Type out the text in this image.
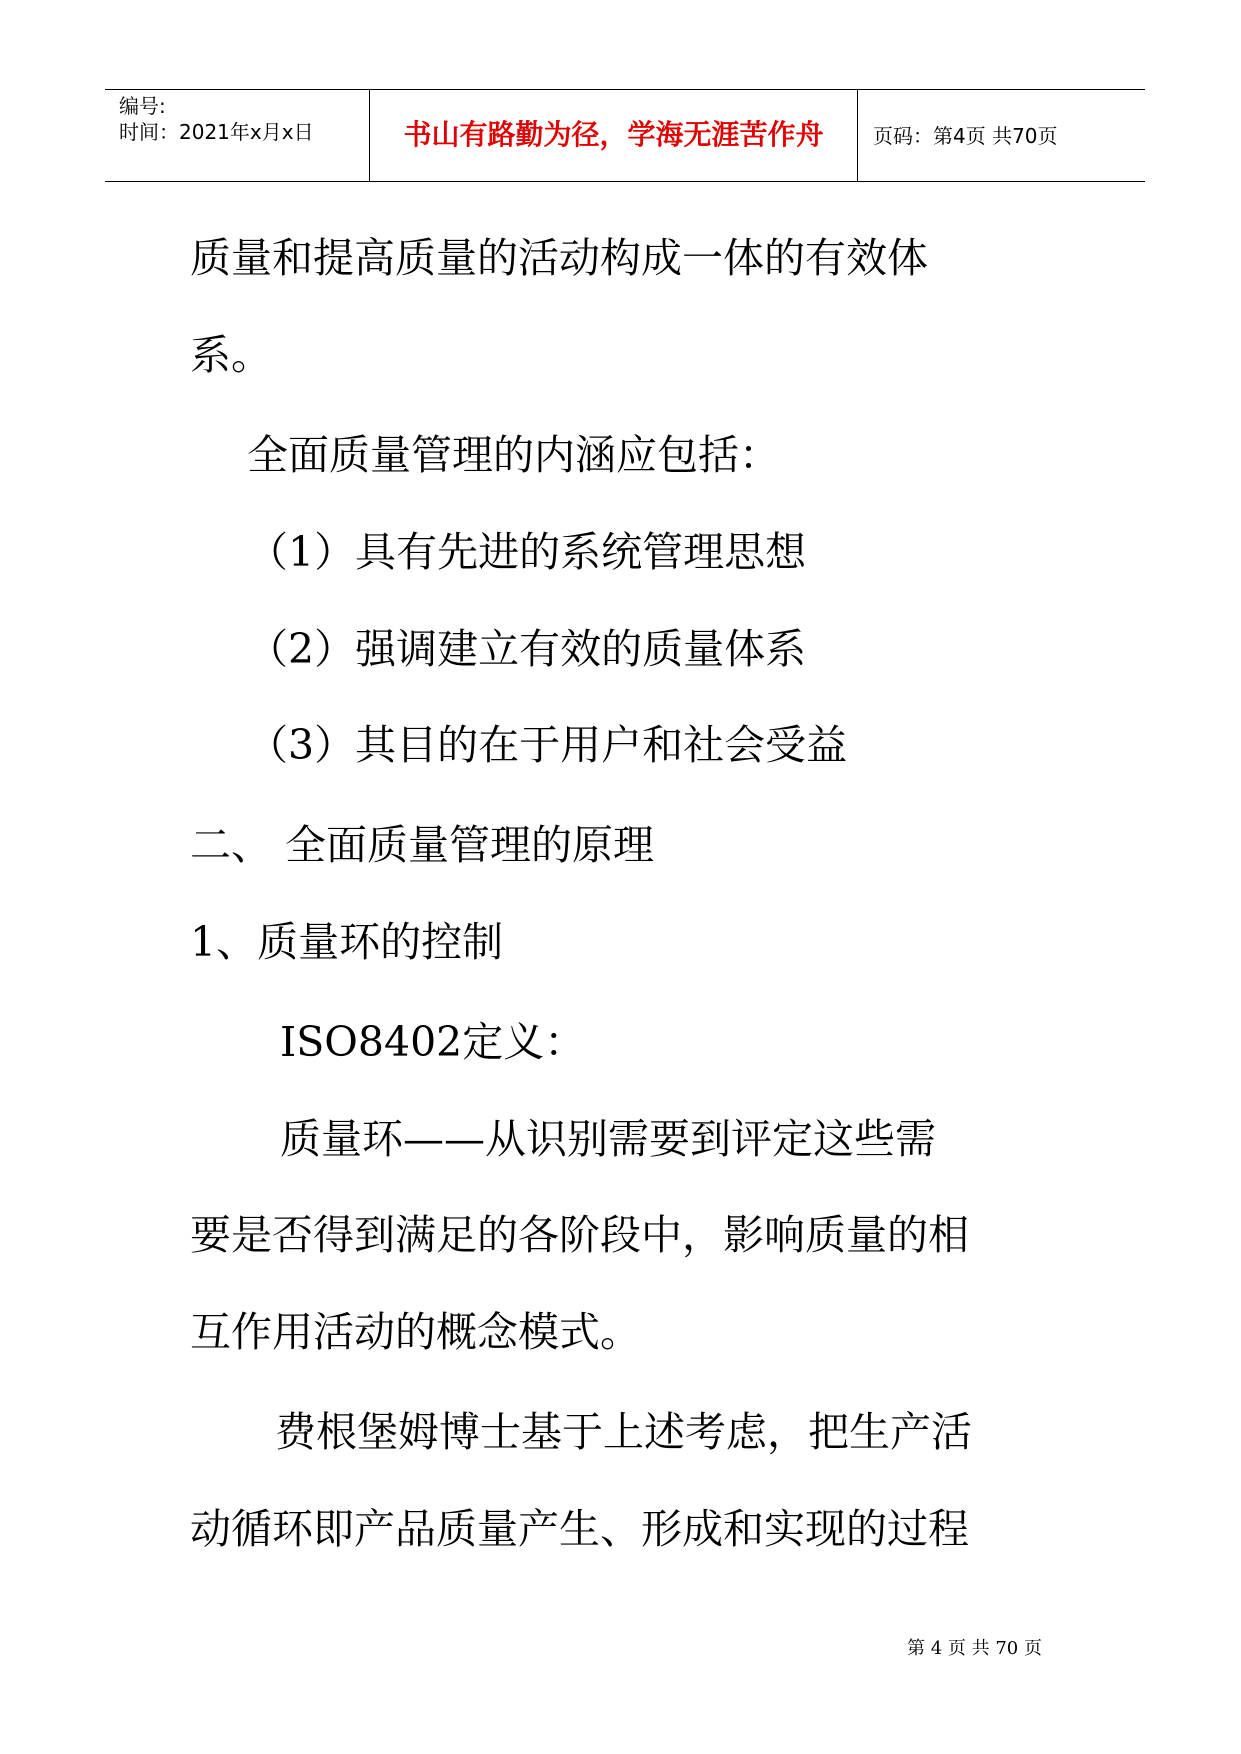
编号:
时间：2021年x月x日	书山有路勤为径，学海无涯苦作舟	页码：第4页 共70页
质量和提高质量的活动构成一体的有效体
系。
全面质量管理的内涵应包括：
（1）具有先进的系统管理思想
（2）强调建立有效的质量体系
（3）其目的在于用户和社会受益
二、 全面质量管理的原理
1、质量环的控制
ISO8402定义：
质量环——从识别需要到评定这些需
要是否得到满足的各阶段中，影响质量的相
互作用活动的概念模式。
费根堡姆博士基于上述考虑，把生产活
动循环即产品质量产生、形成和实现的过程
第 4 页 共 70 页
